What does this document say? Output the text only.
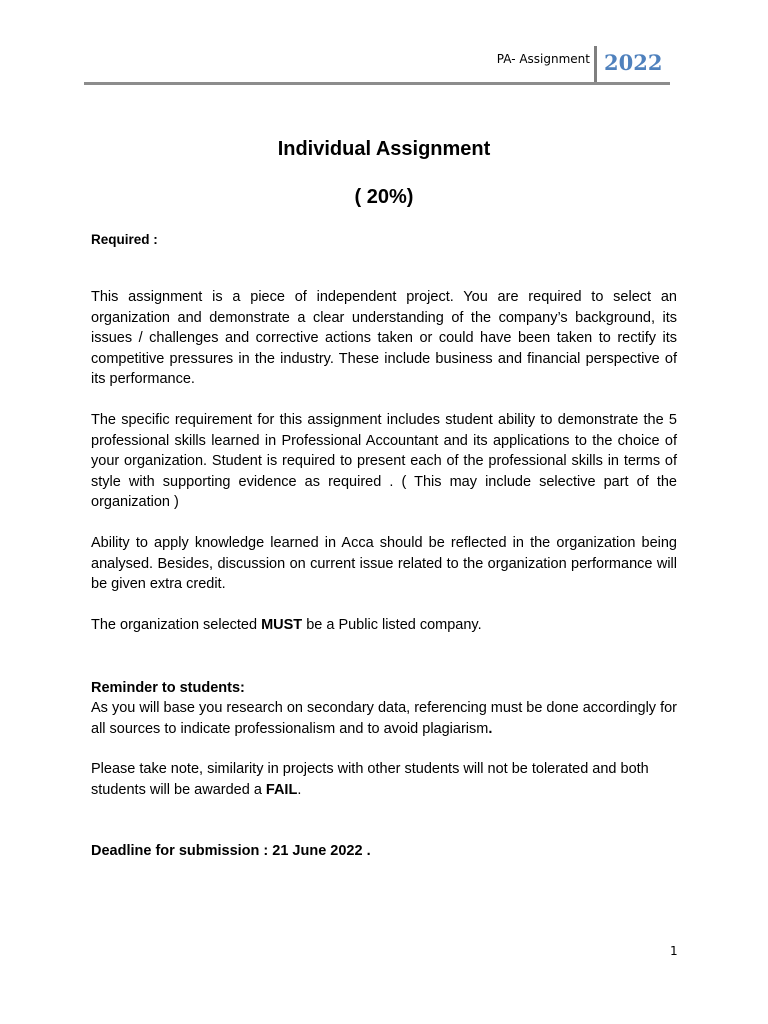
PA- Assignment 2022
Individual Assignment
( 20%)
Required :

This assignment is a piece of independent project. You are required to select an organization and demonstrate a clear understanding of the company’s background, its issues / challenges and corrective actions taken or could have been taken to rectify its competitive pressures in the industry. These include business and financial perspective of its performance.

The specific requirement for this assignment includes student ability to demonstrate the 5 professional skills learned in Professional Accountant and its applications to the choice of your organization. Student is required to present each of the professional skills in terms of style with supporting evidence as required . ( This may include selective part of the organization )

Ability to apply knowledge learned in Acca should be reflected in the organization being analysed. Besides, discussion on current issue related to the organization performance will be given extra credit.

The organization selected MUST be a Public listed company.

Reminder to students:

As you will base you research on secondary data, referencing must be done accordingly for all sources to indicate professionalism and to avoid plagiarism.

Please take note, similarity in projects with other students will not be tolerated and both students will be awarded a FAIL.

Deadline for submission : 21 June 2022 .
1
